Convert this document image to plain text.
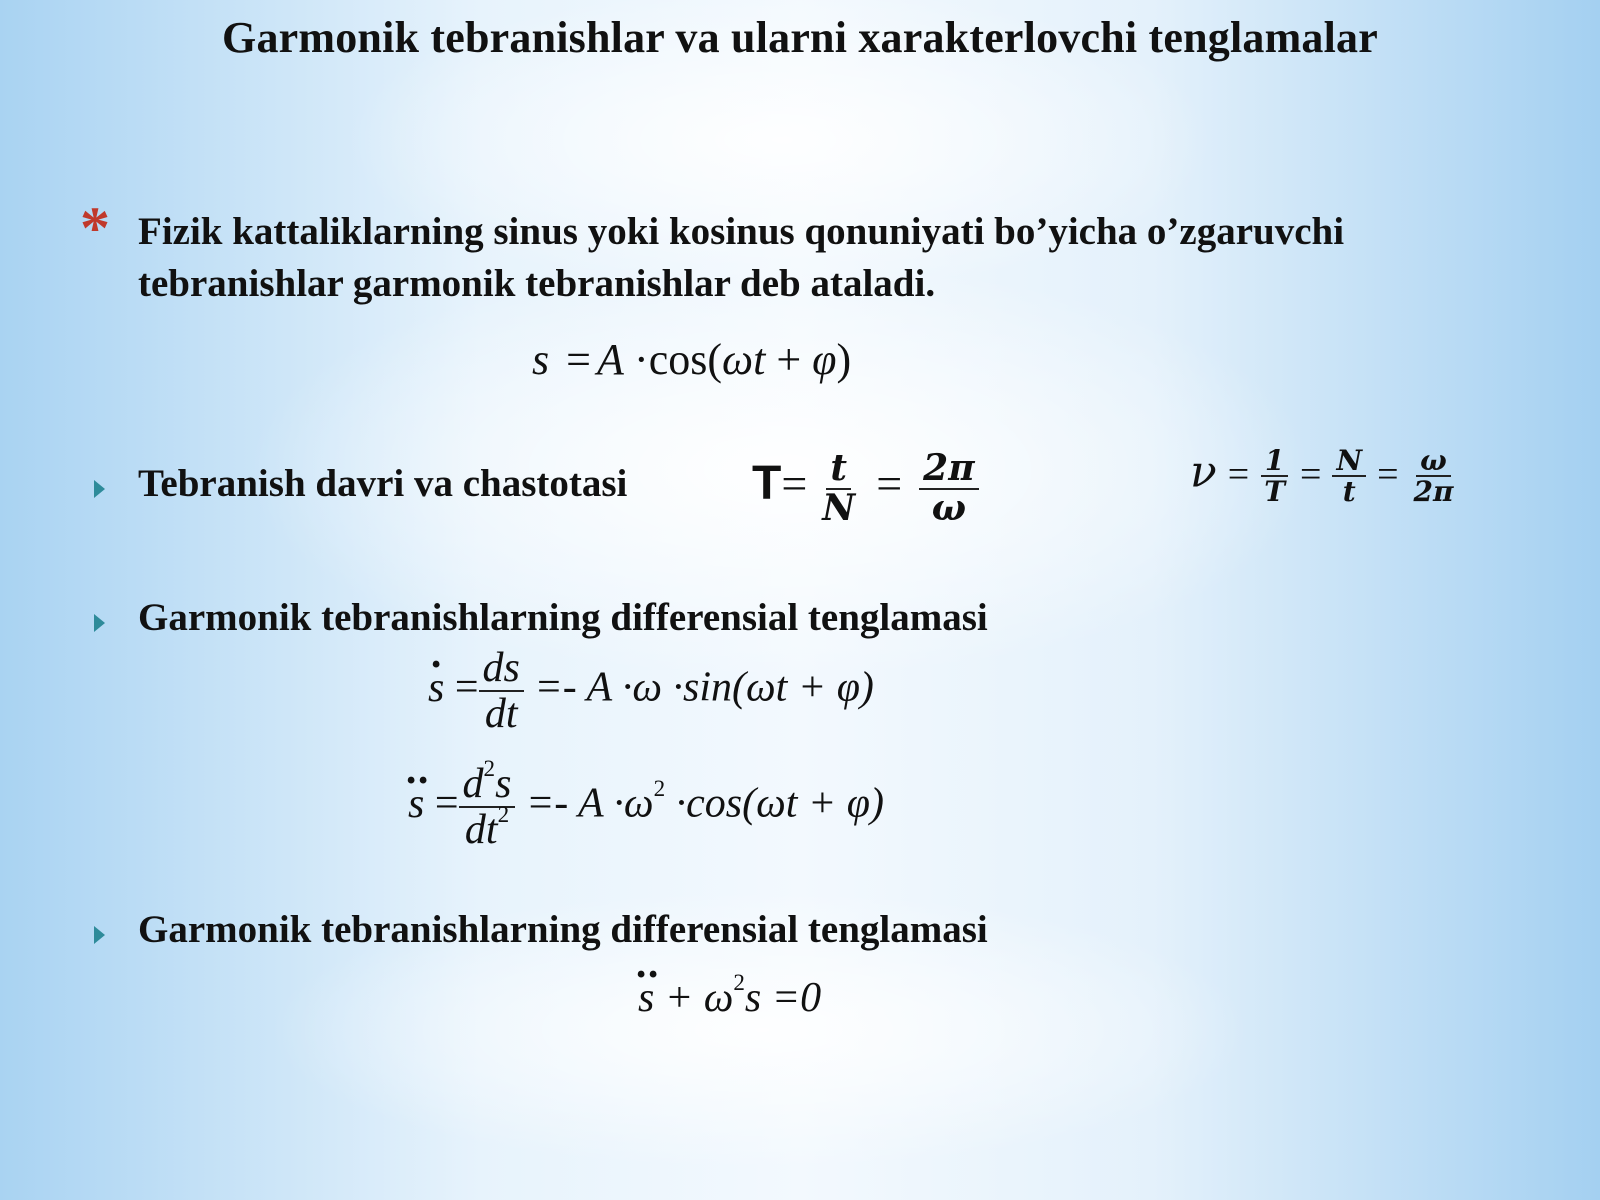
Garmonik tebranishlar va ularni xarakterlovchi tenglamalar
* Fizik kattaliklarning sinus yoki kosinus qonuniyati bo’yicha o’zgaruvchi
tebranishlar garmonik tebranishlar deb ataladi.
s = A ·cos(ωt + φ)
Tebranish davri va chastotasi	$T= \frac{t}{N} = \frac{2\pi}{\omega}$	𝜈 = $\frac{1}{T} = \frac{N}{t} = \frac{\omega}{2\pi}$
Garmonik tebranishlarning differensial tenglamasi
· $s = \frac{ds}{dt} =- A \cdot\omega \cdot\sin(\omega t + \varphi)$
·· $s = \frac{d^2s}{dt^2} =- A \cdot\omega^2 \cdot\cos(\omega t + \varphi)$
Garmonik tebranishlarning differensial tenglamasi
·· $s + \omega^2s =0$
